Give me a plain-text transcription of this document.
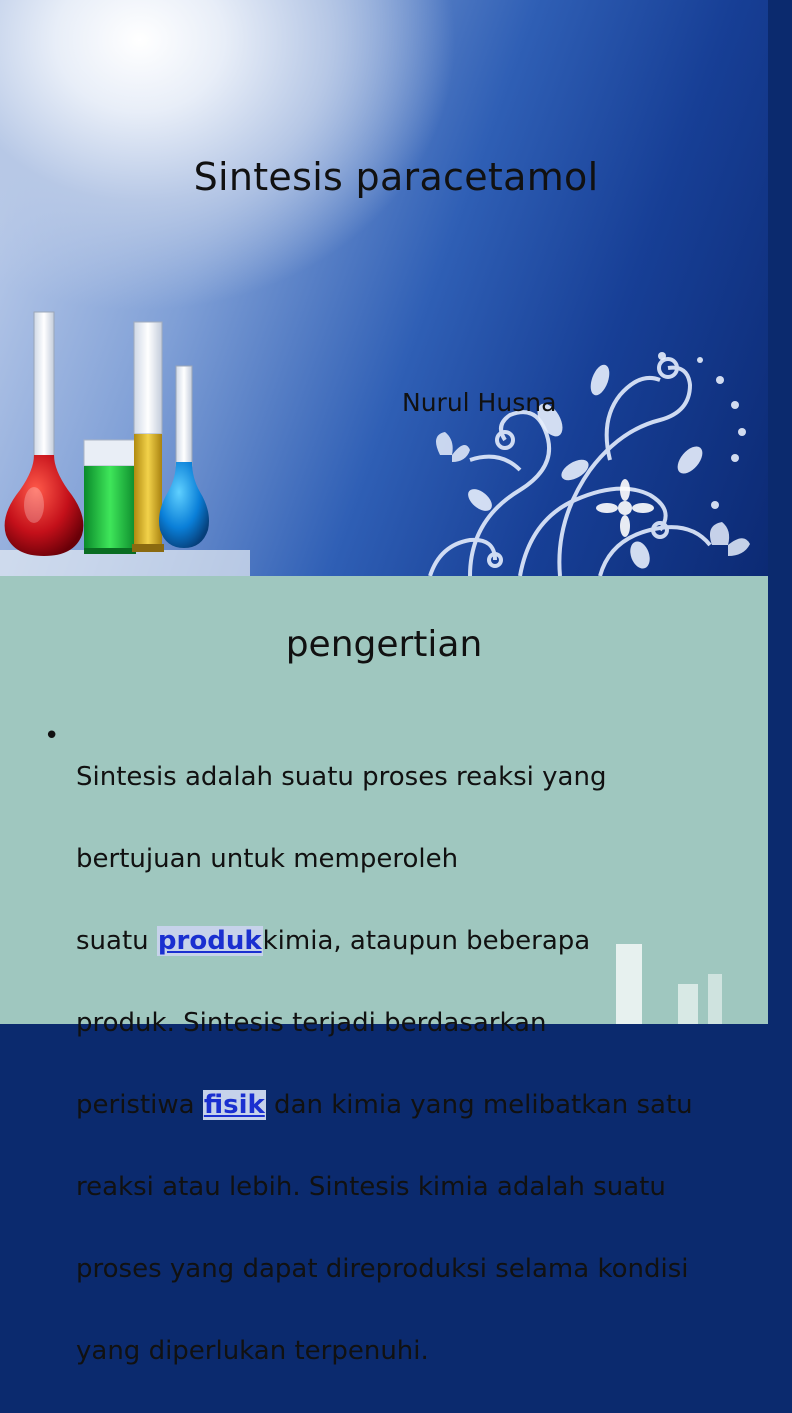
Sintesis paracetamol
Nurul Husna
pengertian
•

Sintesis adalah suatu proses reaksi yang

bertujuan untuk memperoleh

suatu produkkimia, ataupun beberapa

produk. Sintesis terjadi berdasarkan

peristiwa fisik dan kimia yang melibatkan satu

reaksi atau lebih. Sintesis kimia adalah suatu

proses yang dapat direproduksi selama kondisi

yang diperlukan terpenuhi.
